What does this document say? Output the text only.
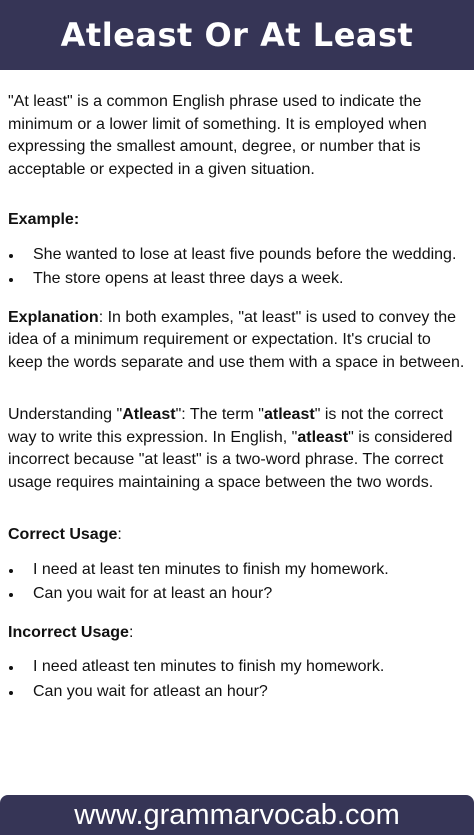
Atleast Or At Least

"At least" is a common English phrase used to indicate the minimum or a lower limit of something. It is employed when expressing the smallest amount, degree, or number that is acceptable or expected in a given situation.

Example:

She wanted to lose at least five pounds before the wedding.
The store opens at least three days a week.

Explanation: In both examples, "at least" is used to convey the idea of a minimum requirement or expectation. It's crucial to keep the words separate and use them with a space in between.

Understanding "Atleast": The term "atleast" is not the correct way to write this expression. In English, "atleast" is considered incorrect because "at least" is a two-word phrase. The correct usage requires maintaining a space between the two words.

Correct Usage:

I need at least ten minutes to finish my homework.
Can you wait for at least an hour?

Incorrect Usage:

I need atleast ten minutes to finish my homework.
Can you wait for atleast an hour?
www.grammarvocab.com
